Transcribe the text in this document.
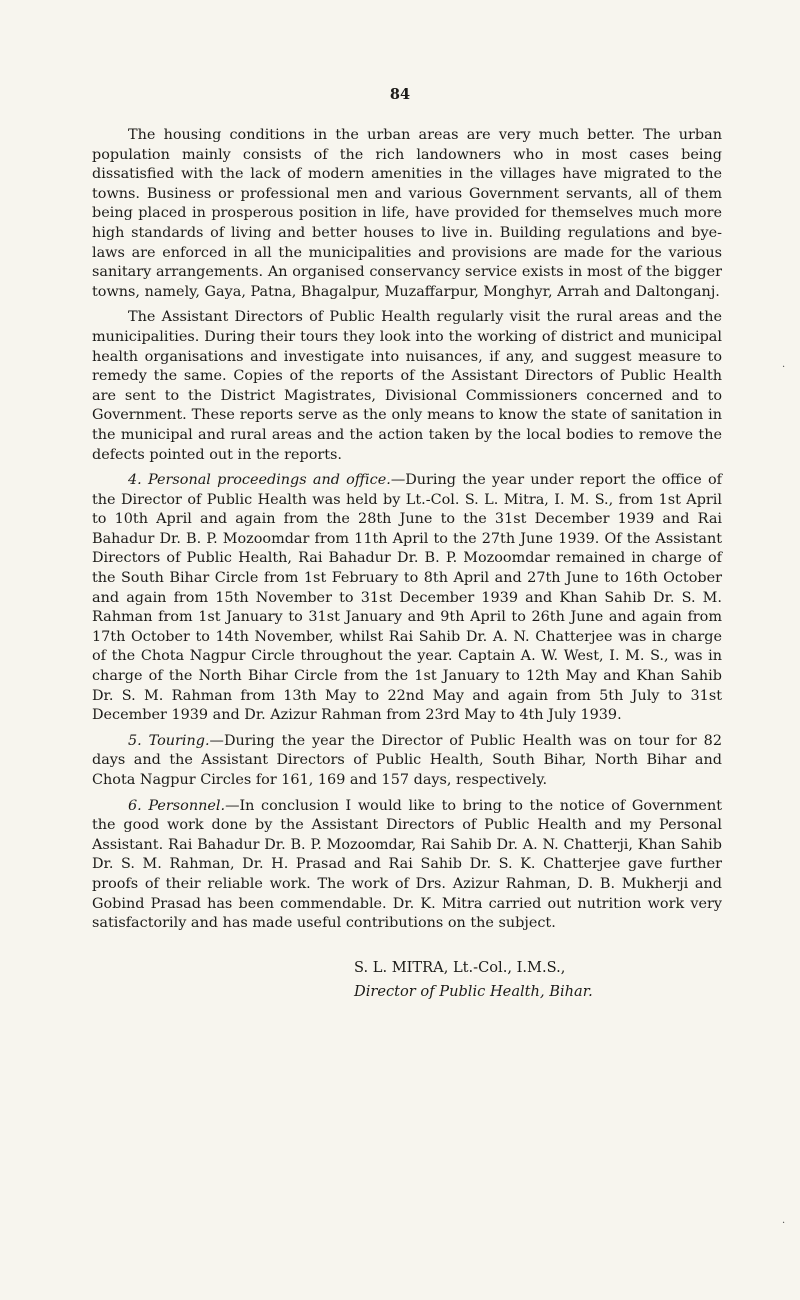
84

The housing conditions in the urban areas are very much better. The urban population mainly consists of the rich landowners who in most cases being dissatisfied with the lack of modern amenities in the villages have migrated to the towns. Business or professional men and various Government servants, all of them being placed in prosperous position in life, have provided for themselves much more high standards of living and better houses to live in. Building regulations and bye-laws are enforced in all the municipalities and provisions are made for the various sanitary arrangements. An organised conservancy service exists in most of the bigger towns, namely, Gaya, Patna, Bhagalpur, Muzaffarpur, Monghyr, Arrah and Daltonganj.

The Assistant Directors of Public Health regularly visit the rural areas and the municipalities. During their tours they look into the working of district and municipal health organisations and investigate into nuisances, if any, and suggest measure to remedy the same. Copies of the reports of the Assistant Directors of Public Health are sent to the District Magistrates, Divisional Commissioners concerned and to Government. These reports serve as the only means to know the state of sanitation in the municipal and rural areas and the action taken by the local bodies to remove the defects pointed out in the reports.

4. Personal proceedings and office.—During the year under report the office of the Director of Public Health was held by Lt.-Col. S. L. Mitra, I. M. S., from 1st April to 10th April and again from the 28th June to the 31st December 1939 and Rai Bahadur Dr. B. P. Mozoomdar from 11th April to the 27th June 1939. Of the Assistant Directors of Public Health, Rai Bahadur Dr. B. P. Mozoomdar remained in charge of the South Bihar Circle from 1st February to 8th April and 27th June to 16th October and again from 15th November to 31st December 1939 and Khan Sahib Dr. S. M. Rahman from 1st January to 31st January and 9th April to 26th June and again from 17th October to 14th November, whilst Rai Sahib Dr. A. N. Chatterjee was in charge of the Chota Nagpur Circle throughout the year. Captain A. W. West, I. M. S., was in charge of the North Bihar Circle from the 1st January to 12th May and Khan Sahib Dr. S. M. Rahman from 13th May to 22nd May and again from 5th July to 31st December 1939 and Dr. Azizur Rahman from 23rd May to 4th July 1939.

5. Touring.—During the year the Director of Public Health was on tour for 82 days and the Assistant Directors of Public Health, South Bihar, North Bihar and Chota Nagpur Circles for 161, 169 and 157 days, respectively.

6. Personnel.—In conclusion I would like to bring to the notice of Government the good work done by the Assistant Directors of Public Health and my Personal Assistant. Rai Bahadur Dr. B. P. Mozoomdar, Rai Sahib Dr. A. N. Chatterji, Khan Sahib Dr. S. M. Rahman, Dr. H. Prasad and Rai Sahib Dr. S. K. Chatterjee gave further proofs of their reliable work. The work of Drs. Azizur Rahman, D. B. Mukherji and Gobind Prasad has been commendable. Dr. K. Mitra carried out nutrition work very satisfactorily and has made useful contributions on the subject.

S. L. MITRA, Lt.-Col., I.M.S.,
Director of Public Health, Bihar.
·
·
